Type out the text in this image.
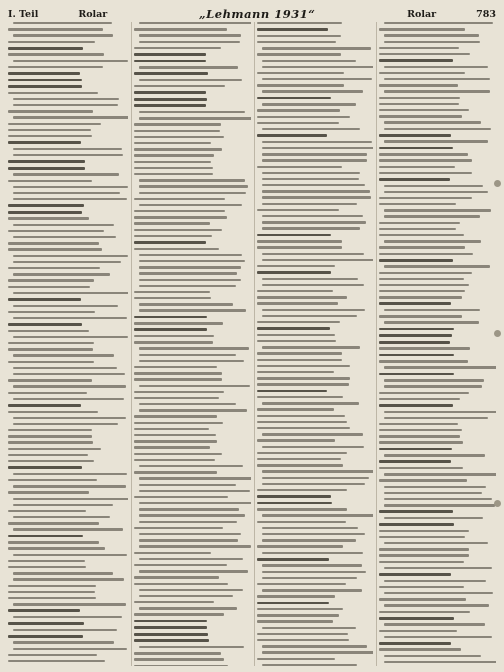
I. Teil	Rolar	„Lehmann 1931“	Rolar	783
